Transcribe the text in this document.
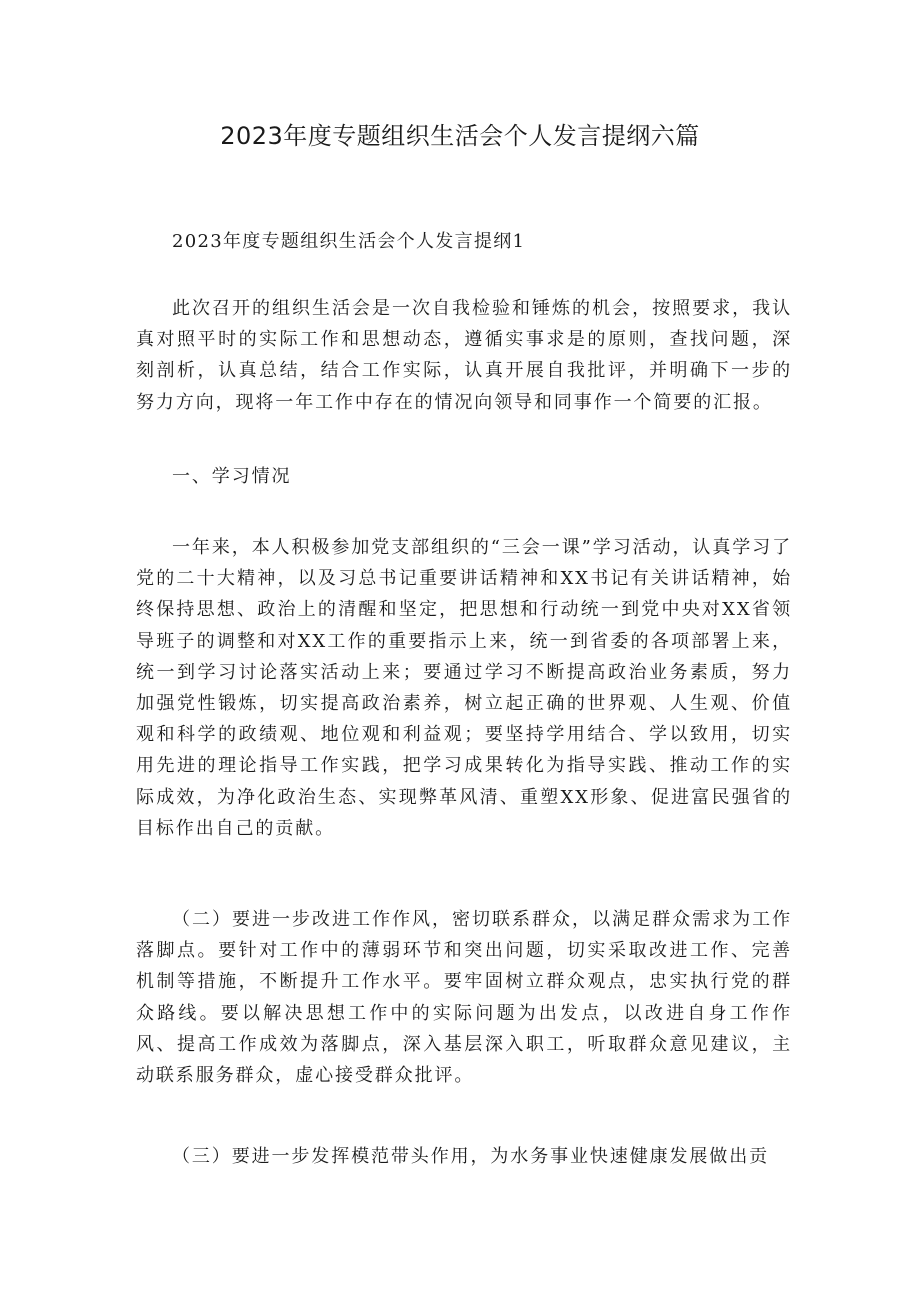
2023年度专题组织生活会个人发言提纲六篇

2023年度专题组织生活会个人发言提纲1

此次召开的组织生活会是一次自我检验和锤炼的机会，按照要求，我认真对照平时的实际工作和思想动态，遵循实事求是的原则，查找问题，深刻剖析，认真总结，结合工作实际，认真开展自我批评，并明确下一步的努力方向，现将一年工作中存在的情况向领导和同事作一个简要的汇报。

一、学习情况

一年来，本人积极参加党支部组织的“三会一课”学习活动，认真学习了党的二十大精神，以及习总书记重要讲话精神和XX书记有关讲话精神，始终保持思想、政治上的清醒和坚定，把思想和行动统一到党中央对XX省领导班子的调整和对XX工作的重要指示上来，统一到省委的各项部署上来，统一到学习讨论落实活动上来；要通过学习不断提高政治业务素质，努力加强党性锻炼，切实提高政治素养，树立起正确的世界观、人生观、价值观和科学的政绩观、地位观和利益观；要坚持学用结合、学以致用，切实用先进的理论指导工作实践，把学习成果转化为指导实践、推动工作的实际成效，为净化政治生态、实现弊革风清、重塑XX形象、促进富民强省的目标作出自己的贡献。

（二）要进一步改进工作作风，密切联系群众，以满足群众需求为工作落脚点。要针对工作中的薄弱环节和突出问题，切实采取改进工作、完善机制等措施，不断提升工作水平。要牢固树立群众观点，忠实执行党的群众路线。要以解决思想工作中的实际问题为出发点，以改进自身工作作风、提高工作成效为落脚点，深入基层深入职工，听取群众意见建议，主动联系服务群众，虚心接受群众批评。

（三）要进一步发挥模范带头作用，为水务事业快速健康发展做出贡
